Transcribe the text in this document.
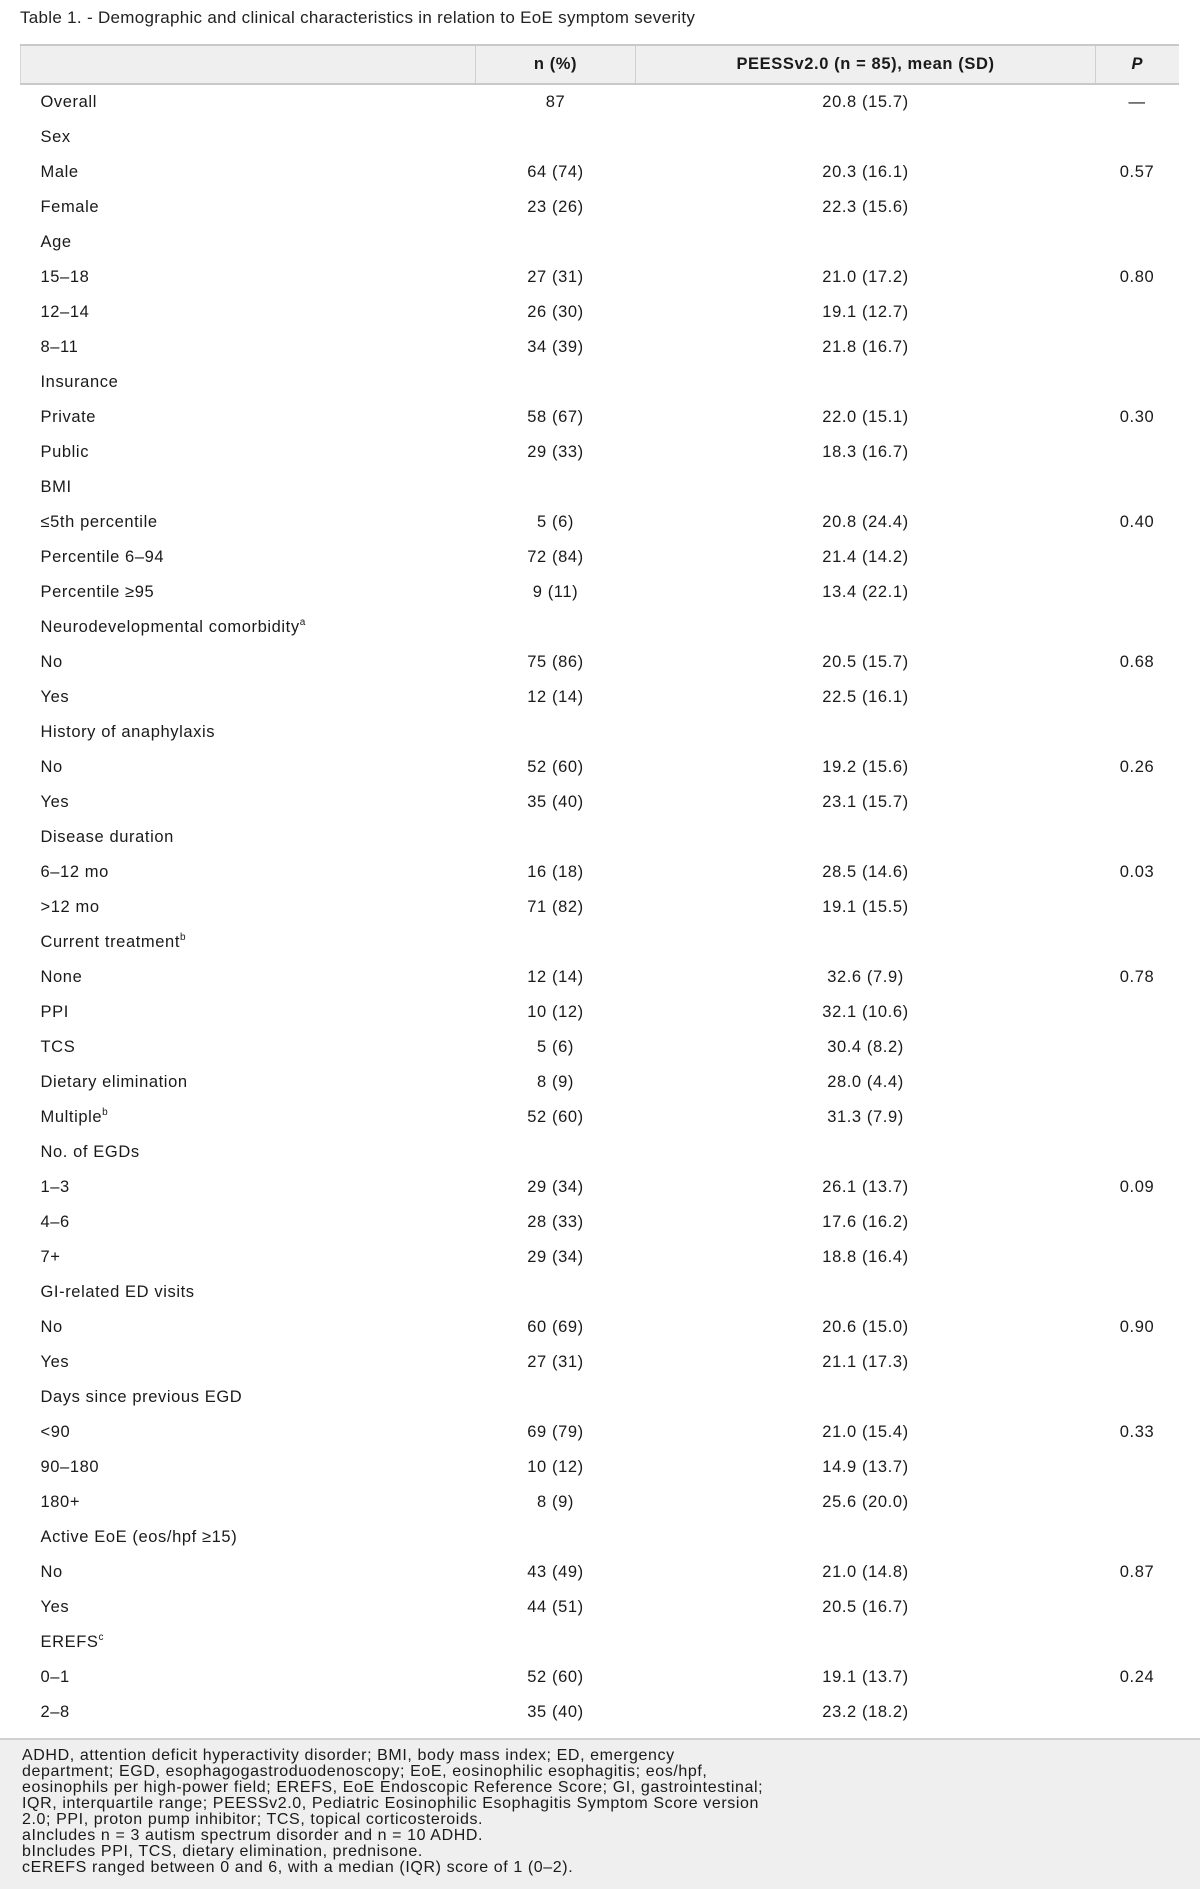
Table 1. - Demographic and clinical characteristics in relation to EoE symptom severity
	n (%)	PEESSv2.0 (n = 85), mean (SD)	P
Overall	87	20.8 (15.7)	—
Sex			
Male	64 (74)	20.3 (16.1)	0.57
Female	23 (26)	22.3 (15.6)	
Age			
15–18	27 (31)	21.0 (17.2)	0.80
12–14	26 (30)	19.1 (12.7)	
8–11	34 (39)	21.8 (16.7)	
Insurance			
Private	58 (67)	22.0 (15.1)	0.30
Public	29 (33)	18.3 (16.7)	
BMI			
≤5th percentile	5 (6)	20.8 (24.4)	0.40
Percentile 6–94	72 (84)	21.4 (14.2)	
Percentile ≥95	9 (11)	13.4 (22.1)	
Neurodevelopmental comorbidity$^a$			
No	75 (86)	20.5 (15.7)	0.68
Yes	12 (14)	22.5 (16.1)	
History of anaphylaxis			
No	52 (60)	19.2 (15.6)	0.26
Yes	35 (40)	23.1 (15.7)	
Disease duration			
6–12 mo	16 (18)	28.5 (14.6)	0.03
>12 mo	71 (82)	19.1 (15.5)	
Current treatment$^b$			
None	12 (14)	32.6 (7.9)	0.78
PPI	10 (12)	32.1 (10.6)	
TCS	5 (6)	30.4 (8.2)	
Dietary elimination	8 (9)	28.0 (4.4)	
Multiple$^b$	52 (60)	31.3 (7.9)	
No. of EGDs			
1–3	29 (34)	26.1 (13.7)	0.09
4–6	28 (33)	17.6 (16.2)	
7+	29 (34)	18.8 (16.4)	
GI-related ED visits			
No	60 (69)	20.6 (15.0)	0.90
Yes	27 (31)	21.1 (17.3)	
Days since previous EGD			
<90	69 (79)	21.0 (15.4)	0.33
90–180	10 (12)	14.9 (13.7)	
180+	8 (9)	25.6 (20.0)	
Active EoE (eos/hpf ≥15)			
No	43 (49)	21.0 (14.8)	0.87
Yes	44 (51)	20.5 (16.7)	
EREFS$^c$			
0–1	52 (60)	19.1 (13.7)	0.24
2–8	35 (40)	23.2 (18.2)	
ADHD, attention deficit hyperactivity disorder; BMI, body mass index; ED, emergency
department; EGD, esophagogastroduodenoscopy; EoE, eosinophilic esophagitis; eos/hpf,
eosinophils per high-power field; EREFS, EoE Endoscopic Reference Score; GI, gastrointestinal;
IQR, interquartile range; PEESSv2.0, Pediatric Eosinophilic Esophagitis Symptom Score version
2.0; PPI, proton pump inhibitor; TCS, topical corticosteroids.
aIncludes n = 3 autism spectrum disorder and n = 10 ADHD.
bIncludes PPI, TCS, dietary elimination, prednisone.
cEREFS ranged between 0 and 6, with a median (IQR) score of 1 (0–2).
